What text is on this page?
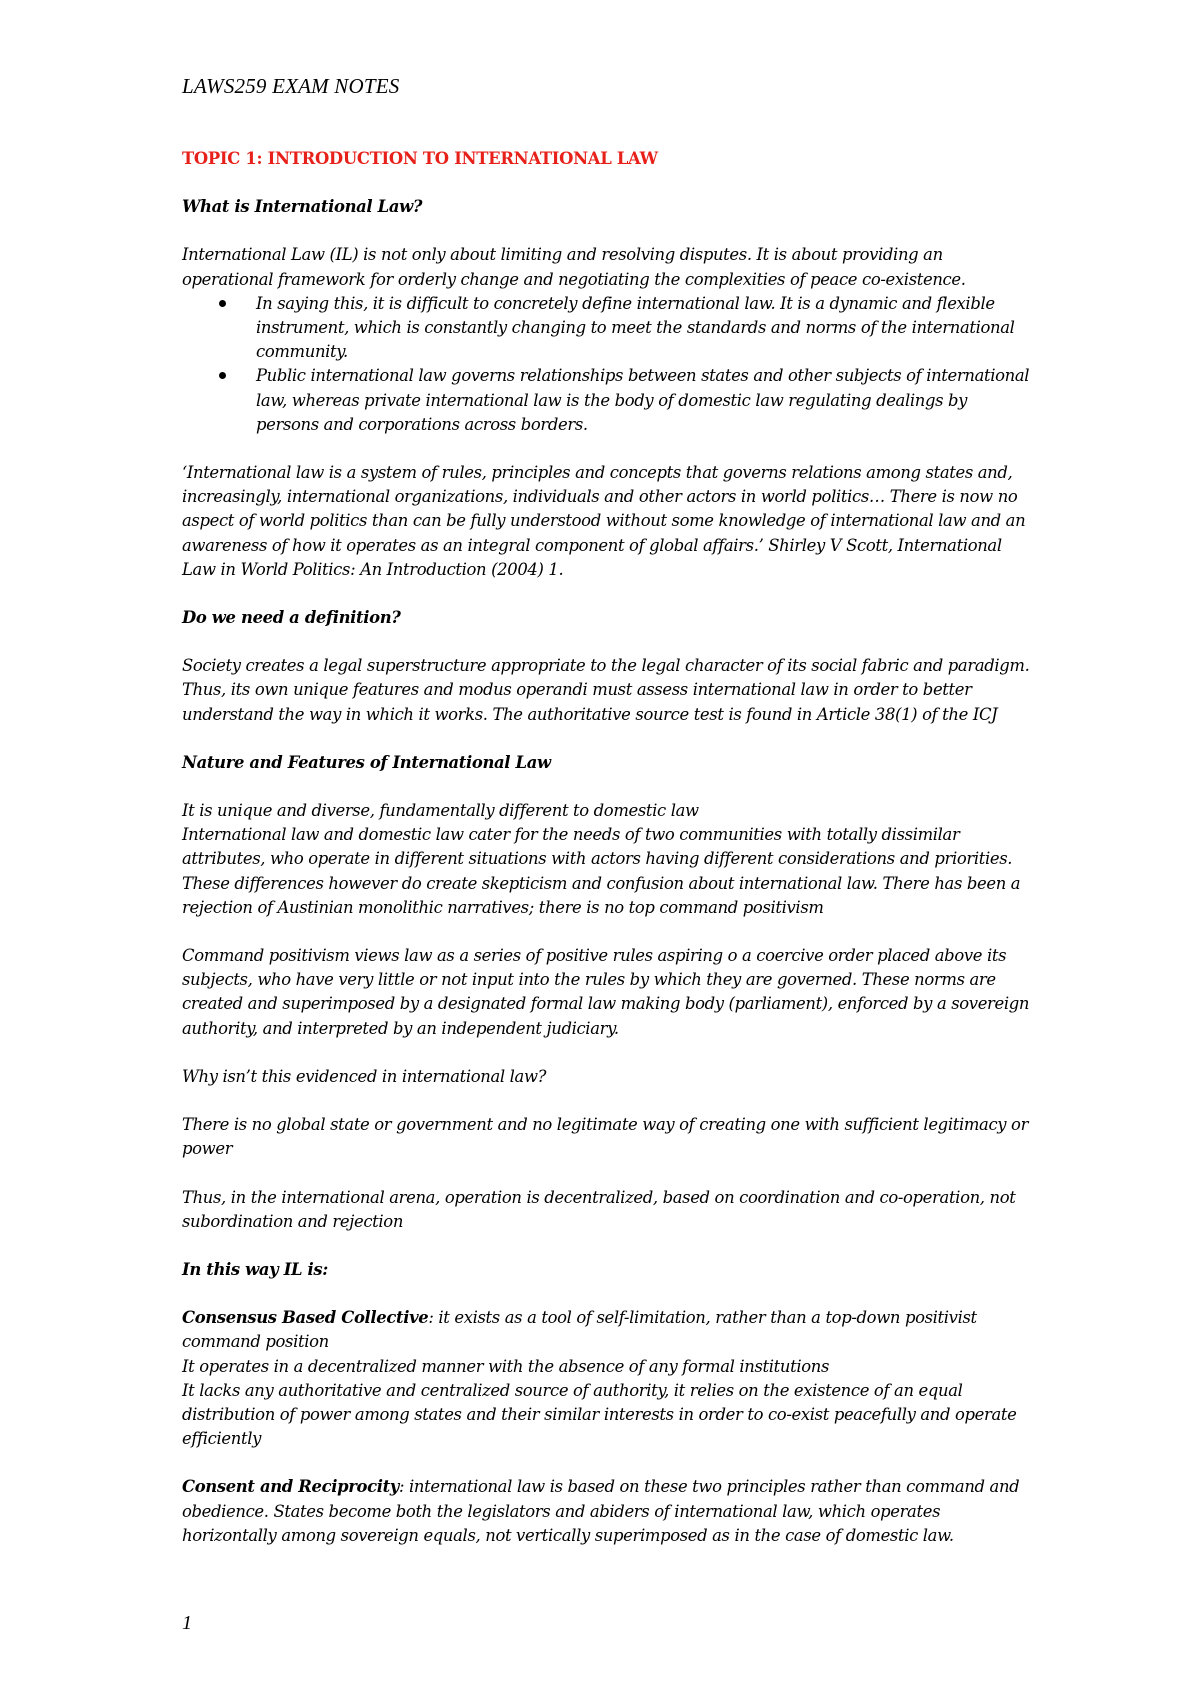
LAWS259 EXAM NOTES

TOPIC 1: INTRODUCTION TO INTERNATIONAL LAW

What is International Law?

International Law (IL) is not only about limiting and resolving disputes. It is about providing an operational framework for orderly change and negotiating the complexities of peace co-existence.

In saying this, it is difficult to concretely define international law. It is a dynamic and flexible instrument, which is constantly changing to meet the standards and norms of the international community.
Public international law governs relationships between states and other subjects of international law, whereas private international law is the body of domestic law regulating dealings by persons and corporations across borders.

‘International law is a system of rules, principles and concepts that governs relations among states and, increasingly, international organizations, individuals and other actors in world politics… There is now no aspect of world politics than can be fully understood without some knowledge of international law and an awareness of how it operates as an integral component of global affairs.’ Shirley V Scott, International Law in World Politics: An Introduction (2004) 1.

Do we need a definition?

Society creates a legal superstructure appropriate to the legal character of its social fabric and paradigm. Thus, its own unique features and modus operandi must assess international law in order to better understand the way in which it works. The authoritative source test is found in Article 38(1) of the ICJ

Nature and Features of International Law

It is unique and diverse, fundamentally different to domestic law

International law and domestic law cater for the needs of two communities with totally dissimilar attributes, who operate in different situations with actors having different considerations and priorities. These differences however do create skepticism and confusion about international law. There has been a rejection of Austinian monolithic narratives; there is no top command positivism

Command positivism views law as a series of positive rules aspiring o a coercive order placed above its subjects, who have very little or not input into the rules by which they are governed. These norms are created and superimposed by a designated formal law making body (parliament), enforced by a sovereign authority, and interpreted by an independent judiciary.

Why isn’t this evidenced in international law?

There is no global state or government and no legitimate way of creating one with sufficient legitimacy or power

Thus, in the international arena, operation is decentralized, based on coordination and co-operation, not subordination and rejection

In this way IL is:

Consensus Based Collective: it exists as a tool of self-limitation, rather than a top-down positivist command position

It operates in a decentralized manner with the absence of any formal institutions

It lacks any authoritative and centralized source of authority, it relies on the existence of an equal distribution of power among states and their similar interests in order to co-exist peacefully and operate efficiently

Consent and Reciprocity: international law is based on these two principles rather than command and obedience. States become both the legislators and abiders of international law, which operates horizontally among sovereign equals, not vertically superimposed as in the case of domestic law.

1
